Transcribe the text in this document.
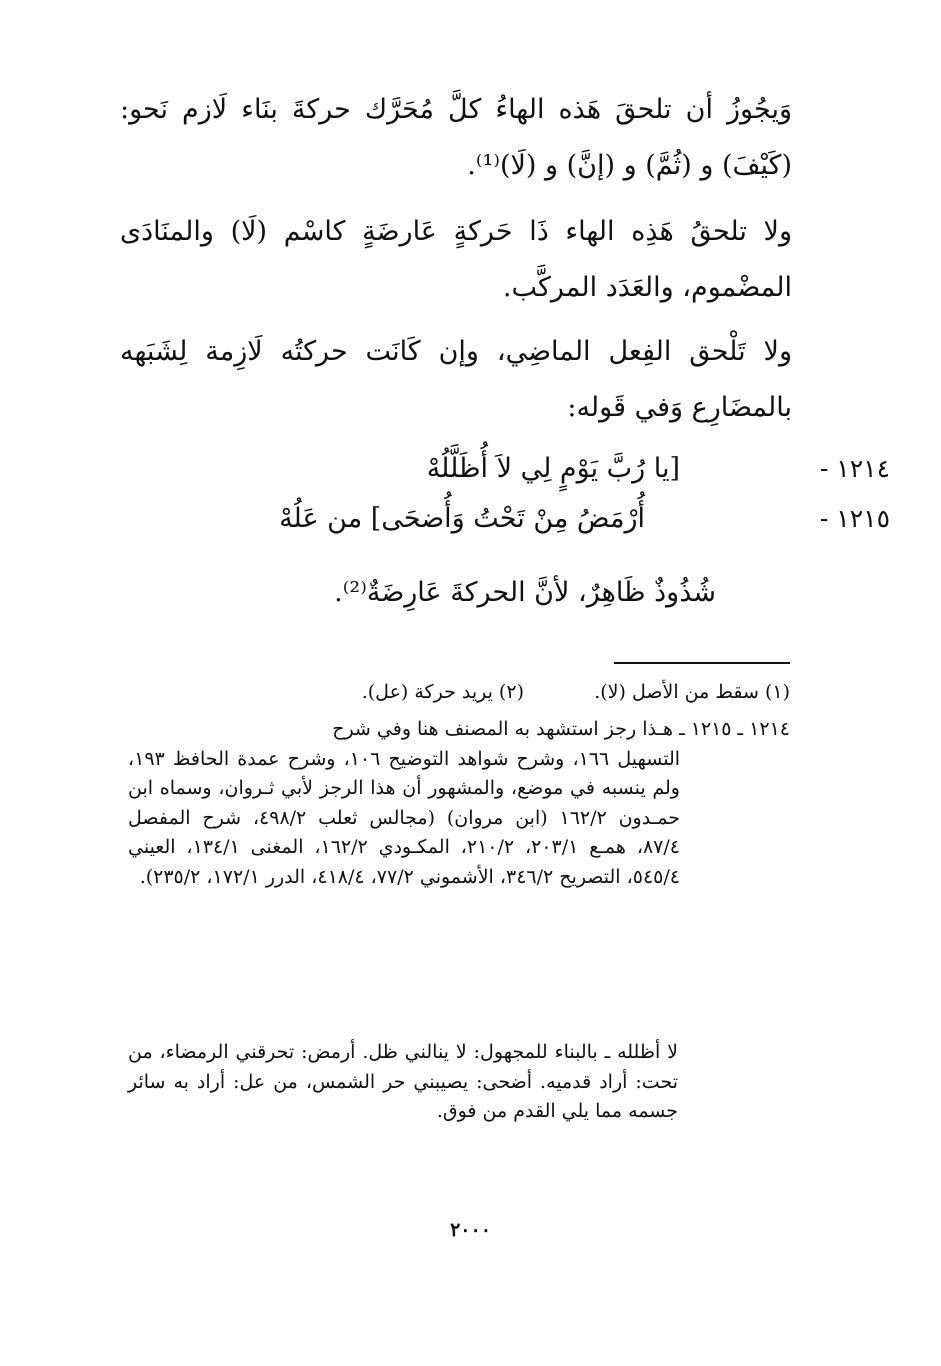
وَيجُوزُ أن تلحقَ هَذه الهاءُ كلَّ مُحَرَّك حركةَ بنَاء لَازم نَحو: (كَيْفَ) و (ثُمَّ) و (إنَّ) و (لَا)⁽¹⁾.

ولا تلحقُ هَذِه الهاء ذَا حَركةٍ عَارضَةٍ كاسْم (لَا) والمنَادَى المضْموم، والعَدَد المركَّب.

ولا تَلْحق الفِعل الماضِي، وإن كَانَت حركتُه لَازِمة لِشَبَهه بالمضَارِع وَفي قَوله:

١٢١٤ -
[يا رُبَّ يَوْمٍ لِي لاَ أُظَلَّلُهْ
١٢١٥ -
أُرْمَضُ مِنْ تَحْتُ وَأُضحَى] من عَلُهْ
شُذُوذٌ ظَاهِرٌ، لأنَّ الحركةَ عَارِضَةٌ⁽²⁾.
(١) سقط من الأصل (لا).
(٢) يريد حركة (عل).

١٢١٤ ـ ١٢١٥ ـ هـذا رجز استشهد به المصنف هنا وفي شرح

التسهيل ١٦٦، وشرح شواهد التوضيح ١٠٦، وشرح عمدة الحافظ ١٩٣، ولم ينسبه في موضع، والمشهور أن هذا الرجز لأبي ثـروان، وسماه ابن حمـدون ١٦٢/٢ (ابن مروان) (مجالس ثعلب ٤٩٨/٢، شرح المفصل ٨٧/٤، همـع ٢٠٣/١، ٢١٠/٢، المكـودي ١٦٢/٢، المغنى ١٣٤/١، العيني ٥٤٥/٤، التصريح ٣٤٦/٢، الأشموني ٧٧/٢، ٤١٨/٤، الدرر ١٧٢/١، ٢٣٥/٢).

لا أظلله ـ بالبناء للمجهول: لا ينالني ظل. أرمض: تحرقني الرمضاء، من تحت: أراد قدميه. أضحى: يصيبني حر الشمس، من عل: أراد به سائر جسمه مما يلي القدم من فوق.

٢٠٠٠
